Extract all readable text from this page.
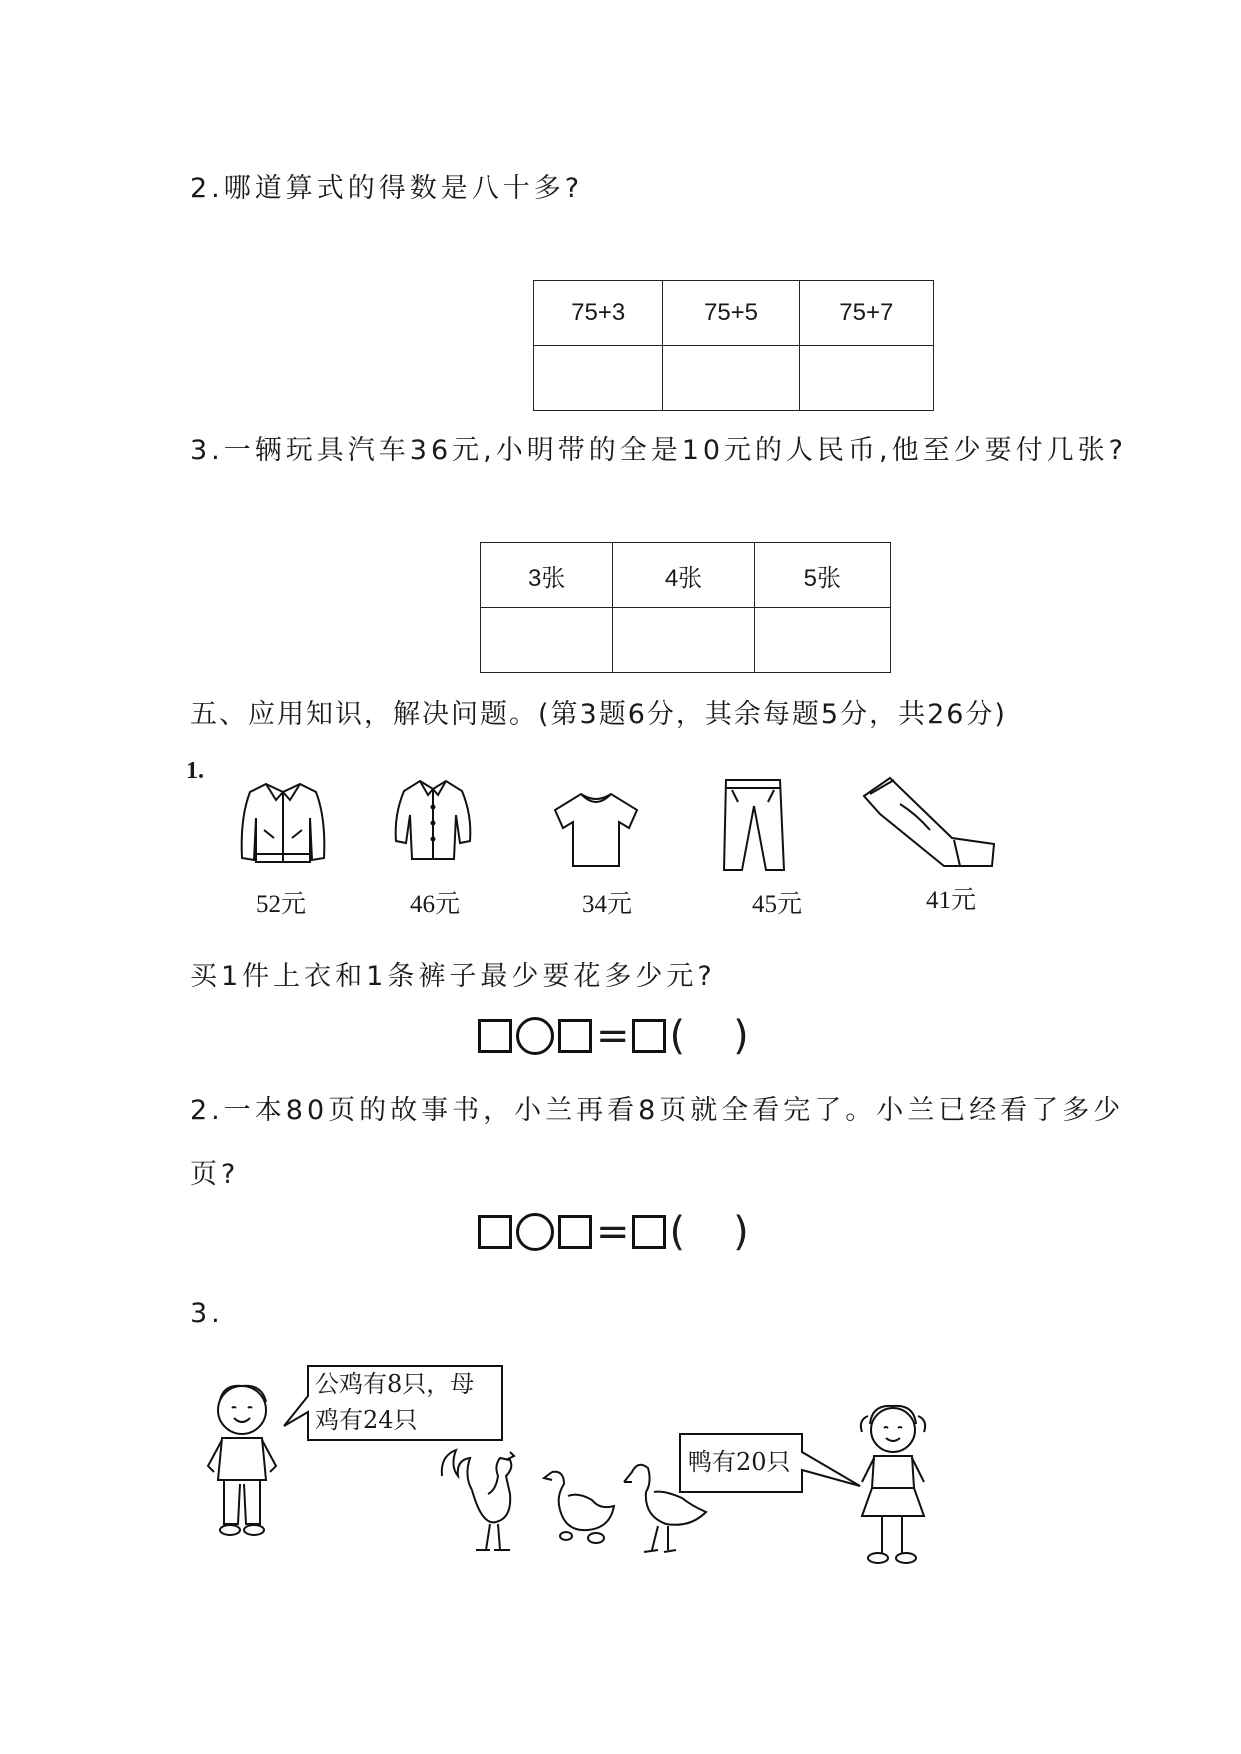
2.哪道算式的得数是八十多?
75+3	75+5	75+7

3.一辆玩具汽车36元,小明带的全是10元的人民币,他至少要付几张?
3张	4张	5张

五、应用知识，解决问题。(第3题6分，其余每题5分，共26分)
1.
52元	46元	34元	45元	41元
买1件上衣和1条裤子最少要花多少元?
= ( )
2.一本80页的故事书，小兰再看8页就全看完了。小兰已经看了多少
页?
= ( )
3.
公鸡有8只，母
鸡有24只
鸭有20只
